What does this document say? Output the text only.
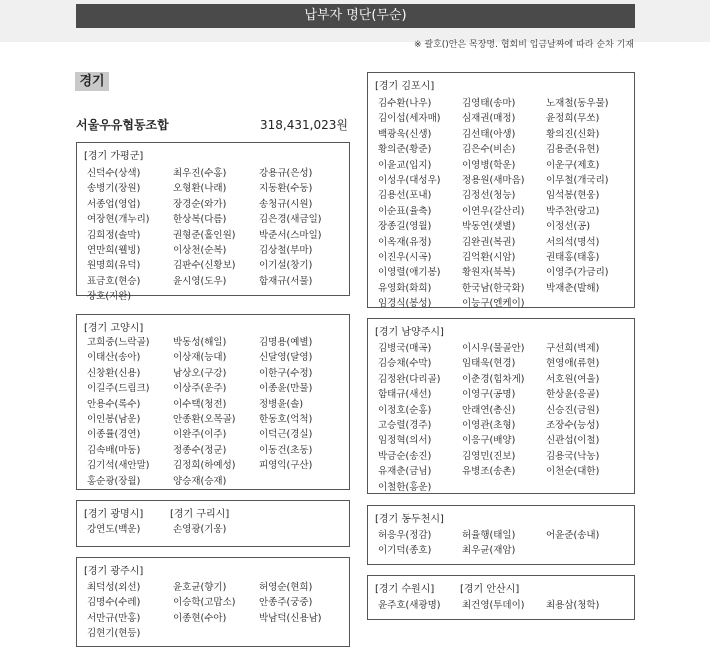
납부자 명단(무순)
※ 괄호()안은 목장명. 협회비 입금날짜에 따라 순차 기재
경기
서울우유협동조합	318,431,023원
[경기 가평군]
신덕수(상색)	최우진(수홍)	강용규(은성)
송병기(장원)	오형환(나래)	지동환(수동)
서종업(영업)	장경순(와가)	송청규(시원)
여장현(개누리)	한상복(다름)	김은경(새금일)
김희정(솔막)	권형준(홀인원)	박준서(스마일)
연만희(웰빙)	이상천(순복)	김상철(부마)
원명희(유덕)	김판수(신황보)	이기설(창기)
표금호(현승)	윤시영(도우)	함재규(서물)
장호(지완)
[경기 고양시]
고희중(느락골)	박동성(해일)	김명용(예별)
이태산(송아)	이상재(능대)	신달영(달영)
신창환(신용)	남상오(구강)	이한구(수정)
이길주(드림크)	이상주(운주)	이종윤(만물)
안용수(록수)	이수택(청전)	정병윤(솔)
이인봉(남운)	안종환(오목골)	한동호(억척)
이종률(경연)	이완주(이주)	이덕근(경실)
김속배(마동)	정종수(정군)	이동건(초동)
김기석(새안말)	김정희(하예성)	피영익(구산)
홍순광(장월)	양승재(승재)
[경기 광명시]	[경기 구리시]
강연도(백운)	손영광(기웅)
[경기 광주시]
최덕성(외선)	윤호균(향기)	허영순(현희)
김명수(수레)	이승학(고맙소)	안종주(궁중)
서만규(만홍)	이종현(수아)	박남덕(신용남)
김현기(현등)
[경기 김포시]
김수환(나우)	김영태(송마)	노재철(동우물)
김이섭(세자매)	심재권(매정)	윤정희(무쏘)
백광욱(신생)	김선태(아생)	황의진(신화)
황의준(황준)	김은수(비손)	김용준(유현)
이윤교(입지)	이영병(학운)	이운구(제호)
이성우(대성우)	정용원(새마음)	이무철(개국리)
김용선(포내)	김정선(청능)	임석봉(현웅)
이순표(율축)	이연우(갈산리)	박주찬(랑고)
장종길(영월)	박동연(샛별)	이정선(공)
이옥재(유정)	김완권(복권)	서의석(명석)
이진우(시곡)	김억환(시암)	권태홍(태홍)
이영렬(애기봉)	황원자(북복)	이영주(가금리)
유영화(화희)	한국남(한국화)	박재춘(발해)
임경식(봉성)	이능구(엔케이)
[경기 남양주시]
김병국(매곡)	이시우(물골안)	구선희(벽제)
김승채(수막)	임태욱(현경)	현영애(류현)
김정완(다리골)	이춘경(힘차게)	서호원(여울)
함태규(새선)	이영구(공명)	한상윤(응골)
이정호(순홍)	안래연(총신)	신승진(금원)
고승렬(경주)	이영관(초형)	조장수(능성)
임정혁(의서)	이응구(배양)	신관섭(이철)
박금순(송진)	김영민(진보)	김용국(낙농)
유재춘(금님)	유병조(송촌)	이천순(대한)
이철한(홍운)
[경기 동두천시]
허응우(정감)	허율행(태일)	어윤준(송내)
이기덕(종호)	최우균(재암)
[경기 수원시]	[경기 안산시]
윤주호(새광명)	최건영(투데이)	최용삼(청학)
